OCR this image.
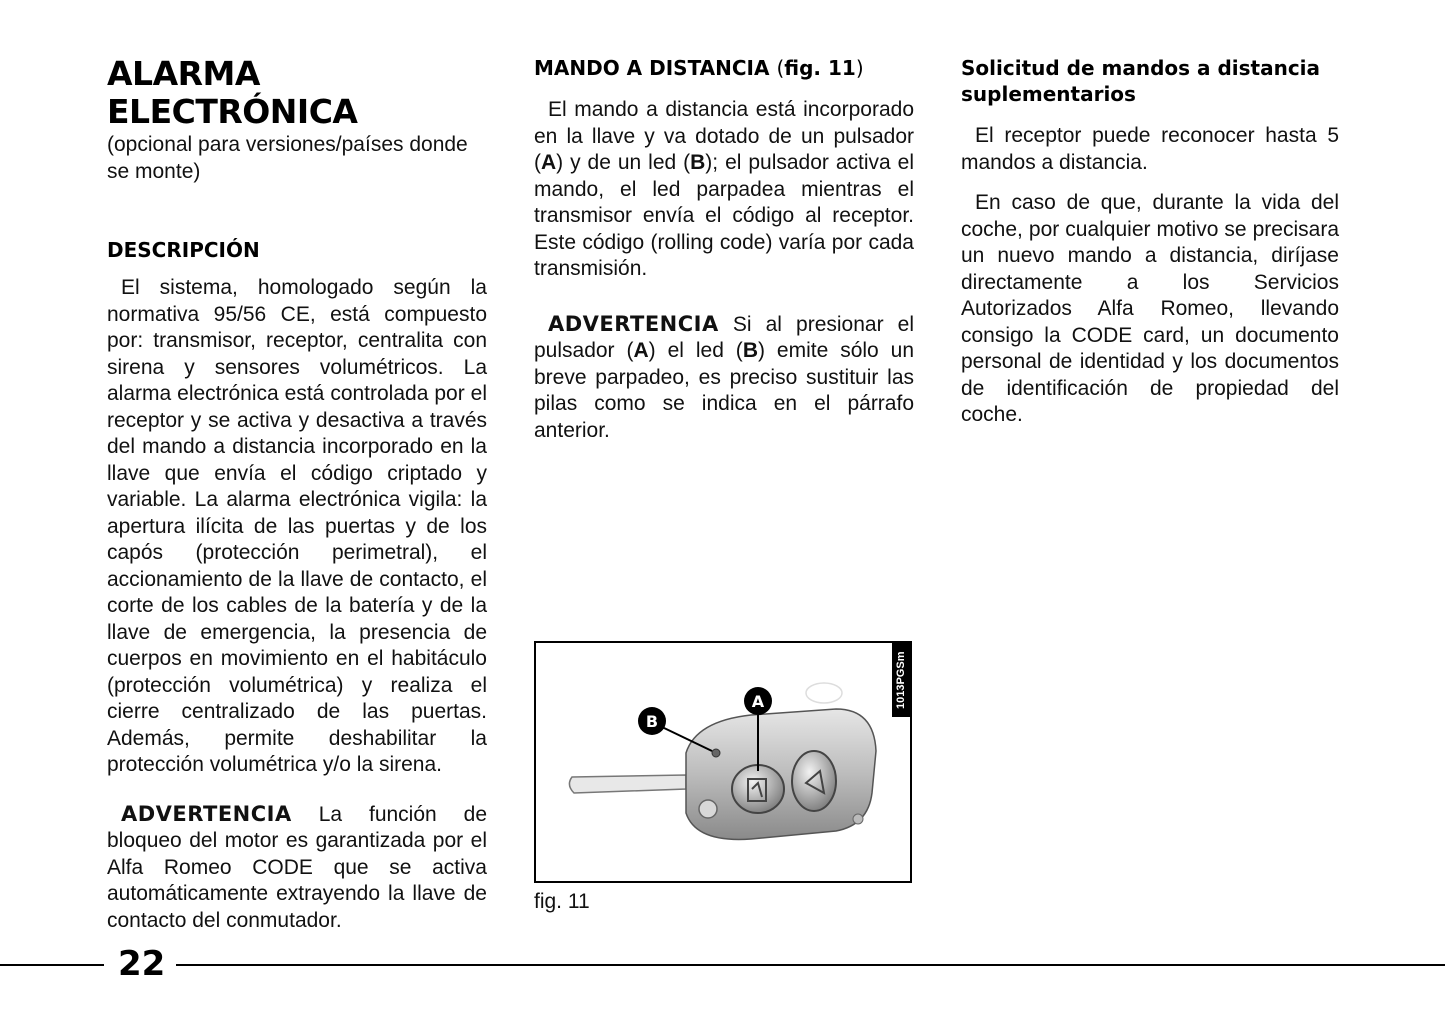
ALARMA ELECTRÓNICA

(opcional para versiones/países donde se monte)

DESCRIPCIÓN

El sistema, homologado según la normativa 95/56 CE, está compuesto por: transmisor, receptor, centralita con sirena y sensores volumétricos. La alarma electrónica está controlada por el receptor y se activa y desactiva a través del mando a distancia incorporado en la llave que envía el código criptado y variable. La alarma electrónica vigila: la apertura ilícita de las puertas y de los capós (protección perimetral), el accionamiento de la llave de contacto, el corte de los cables de la batería y de la llave de emergencia, la presencia de cuerpos en movimiento en el habitáculo (protección volumétrica) y realiza el cierre centralizado de las puertas. Además, permite deshabilitar la protección volumétrica y/o la sirena.

ADVERTENCIA La función de bloqueo del motor es garantizada por el Alfa Romeo CODE que se activa automáticamente extrayendo la llave de contacto del conmutador.

MANDO A DISTANCIA (fig. 11)

El mando a distancia está incorporado en la llave y va dotado de un pulsador (A) y de un led (B); el pulsador activa el mando, el led parpadea mientras el transmisor envía el código al receptor. Este código (rolling code) varía por cada transmisión.

ADVERTENCIA Si al presionar el pulsador (A) el led (B) emite sólo un breve parpadeo, es preciso sustituir las pilas como se indica en el párrafo anterior.

1013PGSm
A
B
fig. 11
Solicitud de mandos a distancia suplementarios

El receptor puede reconocer hasta 5 mandos a distancia.

En caso de que, durante la vida del coche, por cualquier motivo se precisara un nuevo mando a distancia, diríjase directamente a los Servicios Autorizados Alfa Romeo, llevando consigo la CODE card, un documento personal de identidad y los documentos de identificación de propiedad del coche.

22
